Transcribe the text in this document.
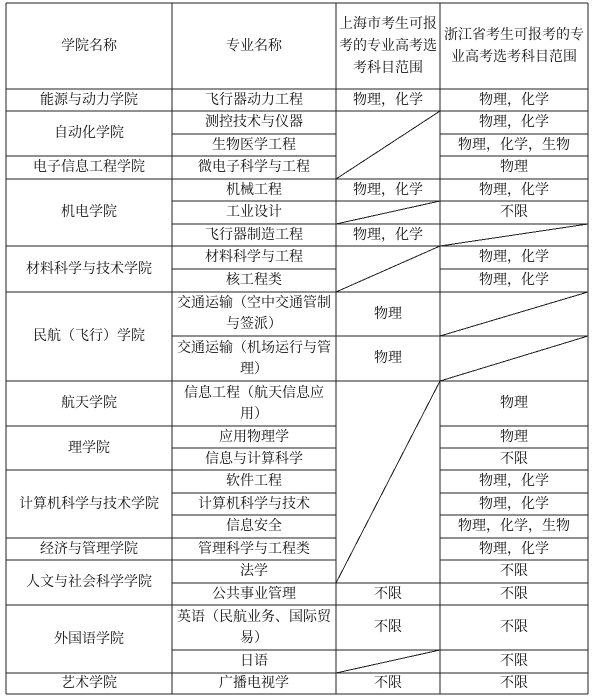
学院名称	专业名称
上海市考生可报考的专业高考选考科目范围
浙江省考生可报考的专业高考选考科目范围
能源与动力学院
自动化学院
电子信息工程学院
机电学院
材料科学与技术学院
民航（飞行）学院
航天学院
理学院
计算机科学与技术学院
经济与管理学院
人文与社会科学学院
外国语学院
艺术学院
飞行器动力工程
测控技术与仪器
生物医学工程
微电子科学与工程
机械工程
工业设计
飞行器制造工程
材料科学与工程
核工程类
交通运输（空中交通管制与签派）
交通运输（机场运行与管理）
信息工程（航天信息应用）
应用物理学
信息与计算科学
软件工程
计算机科学与技术
信息安全
管理科学与工程类
法学
公共事业管理
英语（民航业务、国际贸易）
日语
广播电视学
物理，化学
物理，化学
物理，化学
物理
物理
不限
不限
不限
物理，化学
物理，化学
物理，化学，生物
物理
物理，化学
不限
物理，化学
物理，化学
物理
物理
不限
物理，化学
物理，化学
物理，化学，生物
物理，化学
不限
不限
不限
不限
不限
